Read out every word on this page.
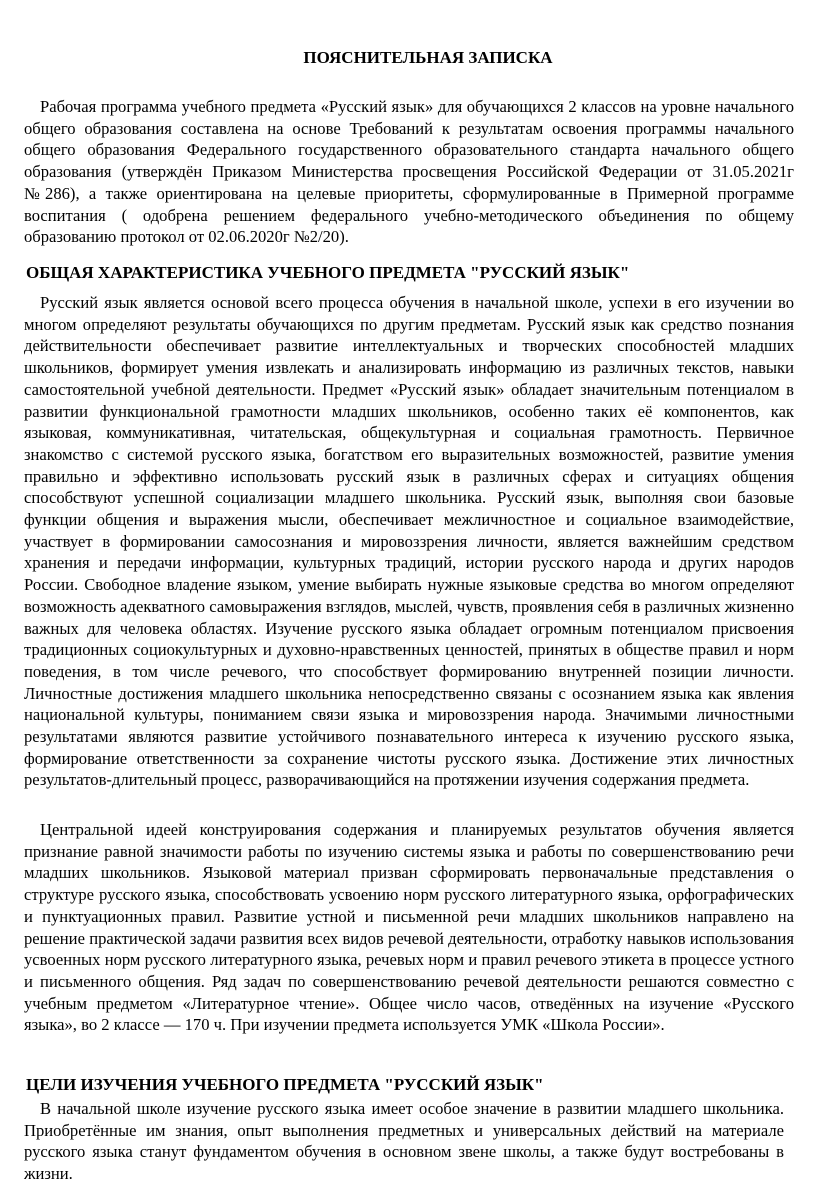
ПОЯСНИТЕЛЬНАЯ ЗАПИСКА
Рабочая программа учебного предмета «Русский язык» для обучающихся 2 классов на уровне начального общего образования составлена на основе Требований к результатам освоения программы начального общего образования Федерального государственного образовательного стандарта начального общего образования (утверждён Приказом Министерства просвещения Российской Федерации от 31.05.2021г №286), а также ориентирована на целевые приоритеты, сформулированные в Примерной программе воспитания ( одобрена решением федерального учебно-методического объединения по общему образованию протокол от 02.06.2020г №2/20).
ОБЩАЯ ХАРАКТЕРИСТИКА УЧЕБНОГО ПРЕДМЕТА "РУССКИЙ ЯЗЫК"
Русский язык является основой всего процесса обучения в начальной школе, успехи в его изучении во многом определяют результаты обучающихся по другим предметам. Русский язык как средство познания действительности обеспечивает развитие интеллектуальных и творческих способностей младших школьников, формирует умения извлекать и анализировать информацию из различных текстов, навыки самостоятельной учебной деятельности. Предмет «Русский язык» обладает значительным потенциалом в развитии функциональной грамотности младших школьников, особенно таких её компонентов, как языковая, коммуникативная, читательская, общекультурная и социальная грамотность. Первичное знакомство с системой русского языка, богатством его выразительных возможностей, развитие умения правильно и эффективно использовать русский язык в различных сферах и ситуациях общения способствуют успешной социализации младшего школьника. Русский язык, выполняя свои базовые функции общения и выражения мысли, обеспечивает межличностное и социальное взаимодействие, участвует в формировании самосознания и мировоззрения личности, является важнейшим средством хранения и передачи информации, культурных традиций, истории русского народа и других народов России. Свободное владение языком, умение выбирать нужные языковые средства во многом определяют возможность адекватного самовыражения взглядов, мыслей, чувств, проявления себя в различных жизненно важных для человека областях. Изучение русского языка обладает огромным потенциалом присвоения традиционных социокультурных и духовно-нравственных ценностей, принятых в обществе правил и норм поведения, в том числе речевого, что способствует формированию внутренней позиции личности. Личностные достижения младшего школьника непосредственно связаны с осознанием языка как явления национальной культуры, пониманием связи языка и мировоззрения народа. Значимыми личностными результатами являются развитие устойчивого познавательного интереса к изучению русского языка, формирование ответственности за сохранение чистоты русского языка. Достижение этих личностных результатов-длительный процесс, разворачивающийся на протяжении изучения содержания предмета.
Центральной идеей конструирования содержания и планируемых результатов обучения является признание равной значимости работы по изучению системы языка и работы по совершенствованию речи младших школьников. Языковой материал призван сформировать первоначальные представления о структуре русского языка, способствовать усвоению норм русского литературного языка, орфографических и пунктуационных правил. Развитие устной и письменной речи младших школьников направлено на решение практической задачи развития всех видов речевой деятельности, отработку навыков использования усвоенных норм русского литературного языка, речевых норм и правил речевого этикета в процессе устного и письменного общения. Ряд задач по совершенствованию речевой деятельности решаются совместно с учебным предметом «Литературное чтение». Общее число часов, отведённых на изучение «Русского языка», во 2 классе — 170 ч. При изучении предмета используется УМК «Школа России».
ЦЕЛИ ИЗУЧЕНИЯ УЧЕБНОГО ПРЕДМЕТА "РУССКИЙ ЯЗЫК"
В начальной школе изучение русского языка имеет особое значение в развитии младшего школьника. Приобретённые им знания, опыт выполнения предметных и универсальных действий на материале русского языка станут фундаментом обучения в основном звене школы, а также будут востребованы в жизни.
